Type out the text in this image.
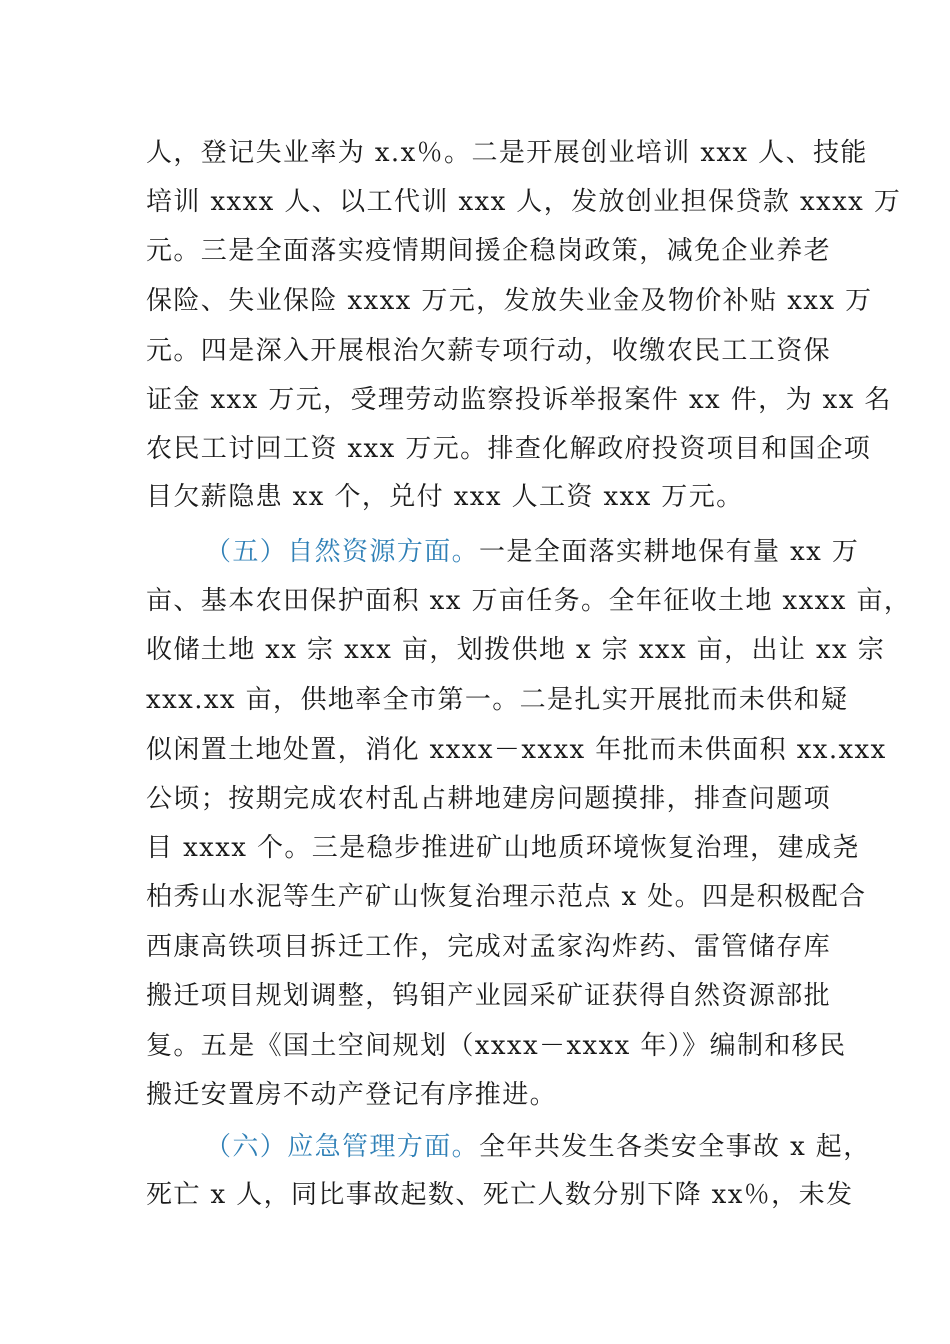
人，登记失业率为 x.x％。二是开展创业培训 xxx 人、技能
培训 xxxx 人、以工代训 xxx 人，发放创业担保贷款 xxxx 万
元。三是全面落实疫情期间援企稳岗政策，减免企业养老
保险、失业保险 xxxx 万元，发放失业金及物价补贴 xxx 万
元。四是深入开展根治欠薪专项行动，收缴农民工工资保
证金 xxx 万元，受理劳动监察投诉举报案件 xx 件，为 xx 名
农民工讨回工资 xxx 万元。排查化解政府投资项目和国企项
目欠薪隐患 xx 个，兑付 xxx 人工资 xxx 万元。
（五）自然资源方面。一是全面落实耕地保有量 xx 万
亩、基本农田保护面积 xx 万亩任务。全年征收土地 xxxx 亩，
收储土地 xx 宗 xxx 亩，划拨供地 x 宗 xxx 亩，出让 xx 宗
xxx.xx 亩，供地率全市第一。二是扎实开展批而未供和疑
似闲置土地处置，消化 xxxx－xxxx 年批而未供面积 xx.xxx
公顷；按期完成农村乱占耕地建房问题摸排，排查问题项
目 xxxx 个。三是稳步推进矿山地质环境恢复治理，建成尧
柏秀山水泥等生产矿山恢复治理示范点 x 处。四是积极配合
西康高铁项目拆迁工作，完成对孟家沟炸药、雷管储存库
搬迁项目规划调整，钨钼产业园采矿证获得自然资源部批
复。五是《国土空间规划（xxxx－xxxx 年）》编制和移民
搬迁安置房不动产登记有序推进。
（六）应急管理方面。全年共发生各类安全事故 x 起，
死亡 x 人，同比事故起数、死亡人数分别下降 xx％，未发
